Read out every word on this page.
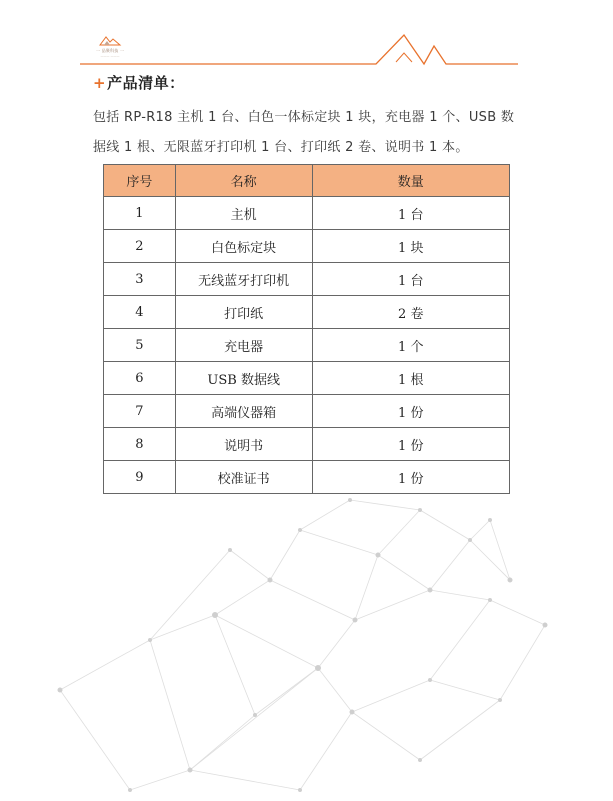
一 品聚科技 一
——— ———
+产品清单：
包括 RP-R18 主机 1 台、白色一体标定块 1 块，充电器 1 个、USB 数据线 1 根、无限蓝牙打印机 1 台、打印纸 2 卷、说明书 1 本。
序号	名称	数量
1	主机	1 台
2	白色标定块	1 块
3	无线蓝牙打印机	1 台
4	打印纸	2 卷
5	充电器	1 个
6	USB 数据线	1 根
7	高端仪器箱	1 份
8	说明书	1 份
9	校准证书	1 份
